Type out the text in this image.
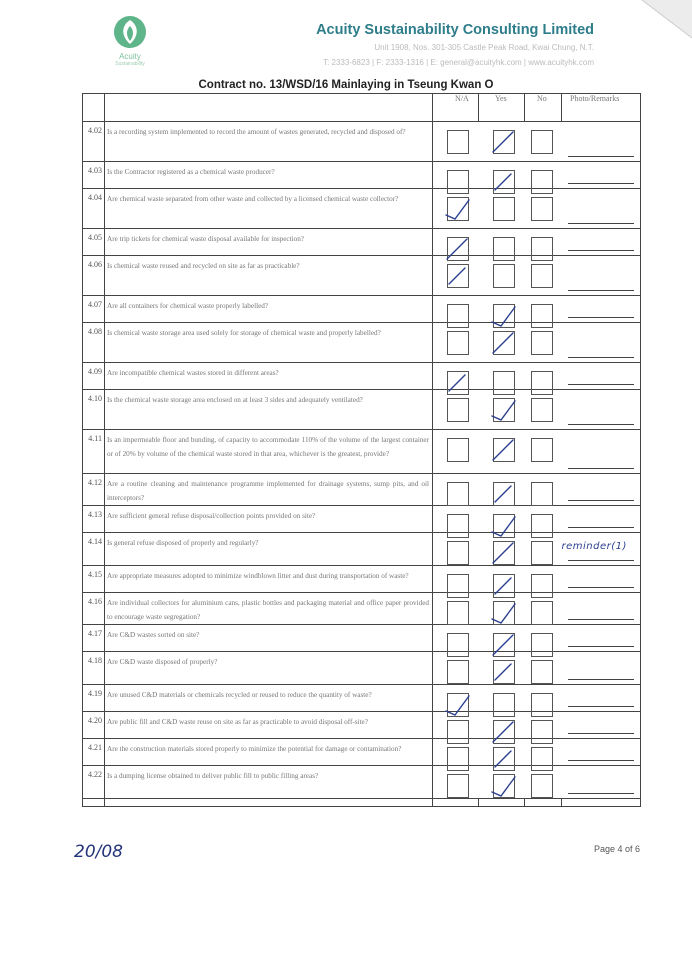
Acuity
Sustainability
Acuity Sustainability Consulting Limited
Unit 1908, Nos. 301-305 Castle Peak Road, Kwai Chung, N.T.
T: 2333-6823 | F: 2333-1316 | E: general@acuityhk.com | www.acuityhk.com
Contract no. 13/WSD/16 Mainlaying in Tseung Kwan O
		N/A	Yes	No	Photo/Remarks
4.02	Is a recording system implemented to record the amount of wastes generated, recycled and disposed of?	

4.03	Is the Contractor registered as a chemical waste producer?	

4.04	Are chemical waste separated from other waste and collected by a licensed chemical waste collector?	

4.05	Are trip tickets for chemical waste disposal available for inspection?	

4.06	Is chemical waste reused and recycled on site as far as practicable?	

4.07	Are all containers for chemical waste properly labelled?	

4.08	Is chemical waste storage area used solely for storage of chemical waste and properly labelled?	

4.09	Are incompatible chemical wastes stored in different areas?	

4.10	Is the chemical waste storage area enclosed on at least 3 sides and adequately ventilated?	

4.11	Is an impermeable floor and bunding, of capacity to accommodate 110% of the volume of the largest container or of 20% by volume of the chemical waste stored in that area, whichever is the greatest, provide?	

4.12	Are a routine cleaning and maintenance programme implemented for drainage systems, sump pits, and oil interceptors?	

4.13	Are sufficient general refuse disposal/collection points provided on site?	

4.14	Is general refuse disposed of properly and regularly?				reminder(1)

4.15	Are appropriate measures adopted to minimize windblown litter and dust during transportation of waste?	

4.16	Are individual collectors for aluminium cans, plastic bottles and packaging material and office paper provided to encourage waste segregation?	

4.17	Are C&D wastes sorted on site?	

4.18	Are C&D waste disposed of properly?	

4.19	Are unused C&D materials or chemicals recycled or reused to reduce the quantity of waste?	

4.20	Are public fill and C&D waste reuse on site as far as practicable to avoid disposal off-site?	

4.21	Are the construction materials stored properly to minimize the potential for damage or contamination?	

4.22	Is a dumping license obtained to deliver public fill to public filling areas?	

20/08	Page 4 of 6
